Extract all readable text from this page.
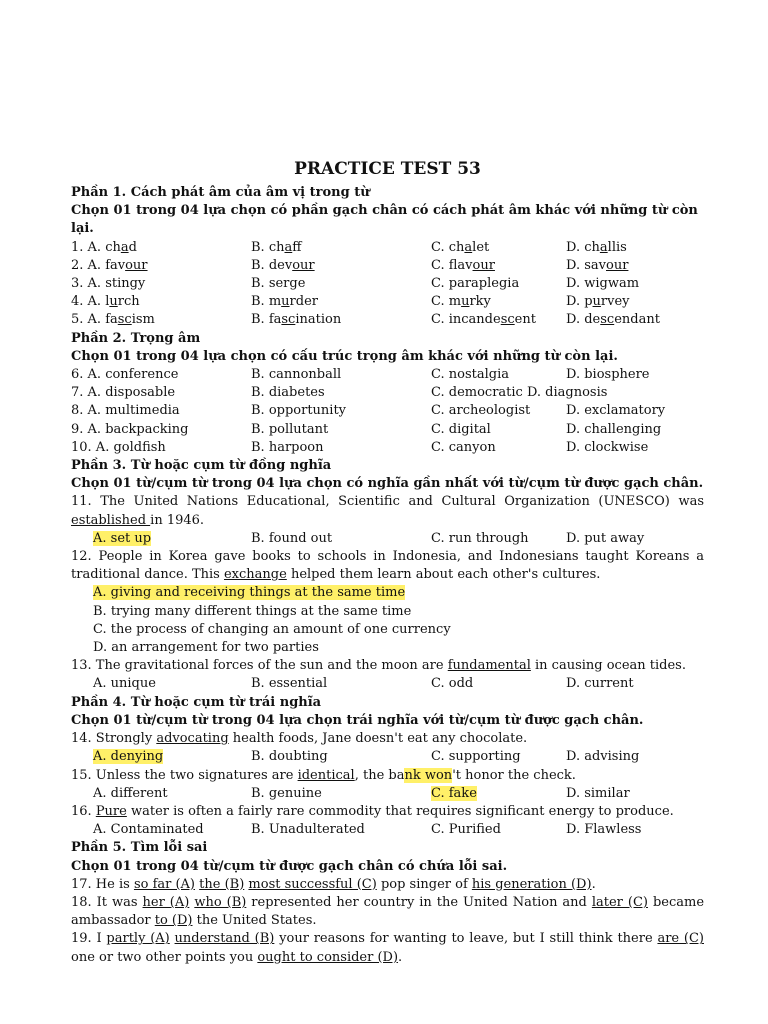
PRACTICE TEST 53
Phần 1. Cách phát âm của âm vị trong từ
Chọn 01 trong 04 lựa chọn có phần gạch chân có cách phát âm khác với những từ còn lại.
1. A. chad	B. chaff	C. chalet	D. challis
2. A. favour	B. devour	C. flavour	D. savour
3. A. stingy	B. serge	C. paraplegia	D. wigwam
4. A. lurch	B. murder	C. murky	D. purvey
5. A. fascism	B. fascination	C. incandescent	D. descendant
Phần 2. Trọng âm
Chọn 01 trong 04 lựa chọn có cấu trúc trọng âm khác với những từ còn lại.
6. A. conference	B. cannonball	C. nostalgia	D. biosphere
7. A. disposable	B. diabetes	C. democratic D. diagnosis
8. A. multimedia	B. opportunity	C. archeologist	D. exclamatory
9. A. backpacking	B. pollutant	C. digital	D. challenging
10. A. goldfish	B. harpoon	C. canyon	D. clockwise
Phần 3. Từ hoặc cụm từ đồng nghĩa
Chọn 01 từ/cụm từ trong 04 lựa chọn có nghĩa gần nhất với từ/cụm từ được gạch chân.
11. The United Nations Educational, Scientific and Cultural Organization (UNESCO) was established in 1946.
A. set up	B. found out	C. run through	D. put away
12. People in Korea gave books to schools in Indonesia, and Indonesians taught Koreans a traditional dance. This exchange helped them learn about each other's cultures.
A. giving and receiving things at the same time
B. trying many different things at the same time
C. the process of changing an amount of one currency
D. an arrangement for two parties
13. The gravitational forces of the sun and the moon are fundamental in causing ocean tides.
A. unique	B. essential	C. odd	D. current
Phần 4. Từ hoặc cụm từ trái nghĩa
Chọn 01 từ/cụm từ trong 04 lựa chọn trái nghĩa với từ/cụm từ được gạch chân.
14. Strongly advocating health foods, Jane doesn't eat any chocolate.
A. denying	B. doubting	C. supporting	D. advising
15. Unless the two signatures are identical, the bank won't honor the check.
A. different	B. genuine	C. fake	D. similar
16. Pure water is often a fairly rare commodity that requires significant energy to produce.
A. Contaminated	B. Unadulterated	C. Purified	D. Flawless
Phần 5. Tìm lỗi sai
Chọn 01 trong 04 từ/cụm từ được gạch chân có chứa lỗi sai.
17. He is so far (A) the (B) most successful (C) pop singer of his generation (D).
18. It was her (A) who (B) represented her country in the United Nation and later (C) became ambassador to (D) the United States.
19. I partly (A) understand (B) your reasons for wanting to leave, but I still think there are (C) one or two other points you ought to consider (D).
